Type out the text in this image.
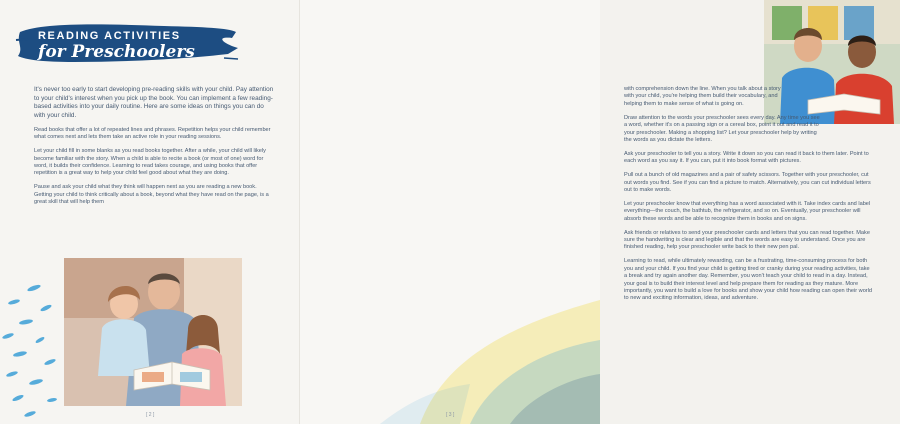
READING ACTIVITIES
for Preschoolers

It's never too early to start developing pre-reading skills with your child. Pay attention to your child's interest when you pick up the book. You can implement a few reading-based activities into your daily routine. Here are some ideas on things you can do with your child.

Read books that offer a lot of repeated lines and phrases. Repetition helps your child remember what comes next and lets them take an active role in your reading sessions.

Let your child fill in some blanks as you read books together. After a while, your child will likely become familiar with the story. When a child is able to recite a book (or most of one) word for word, it builds their confidence. Learning to read takes courage, and using books that offer repetition is a great way to help your child feel good about what they are doing.

Pause and ask your child what they think will happen next as you are reading a new book. Getting your child to think critically about a book, beyond what they have read on the page, is a great skill that will help them

[ 2 ]

with comprehension down the line. When you talk about a story with your child, you're helping them build their vocabulary, and helping them to make sense of what is going on.

Draw attention to the words your preschooler sees every day. Any time you see a word, whether it's on a passing sign or a cereal box, point it out and read it to your preschooler. Making a shopping list? Let your preschooler help by writing the words as you dictate the letters.

Ask your preschooler to tell you a story. Write it down so you can read it back to them later. Point to each word as you say it. If you can, put it into book format with pictures.

Pull out a bunch of old magazines and a pair of safety scissors. Together with your preschooler, cut out words you find. See if you can find a picture to match. Alternatively, you can cut individual letters out to make words.

Let your preschooler know that everything has a word associated with it. Take index cards and label everything—the couch, the bathtub, the refrigerator, and so on. Eventually, your preschooler will absorb these words and be able to recognize them in books and on signs.

Ask friends or relatives to send your preschooler cards and letters that you can read together. Make sure the handwriting is clear and legible and that the words are easy to understand. Once you are finished reading, help your preschooler write back to their new pen pal.

Learning to read, while ultimately rewarding, can be a frustrating, time-consuming process for both you and your child. If you find your child is getting tired or cranky during your reading activities, take a break and try again another day. Remember, you won't teach your child to read in a day. Instead, your goal is to build their interest level and help prepare them for reading as they mature. More importantly, you want to build a love for books and show your child how reading can open their world to new and exciting information, ideas, and adventure.

[ 3 ]
